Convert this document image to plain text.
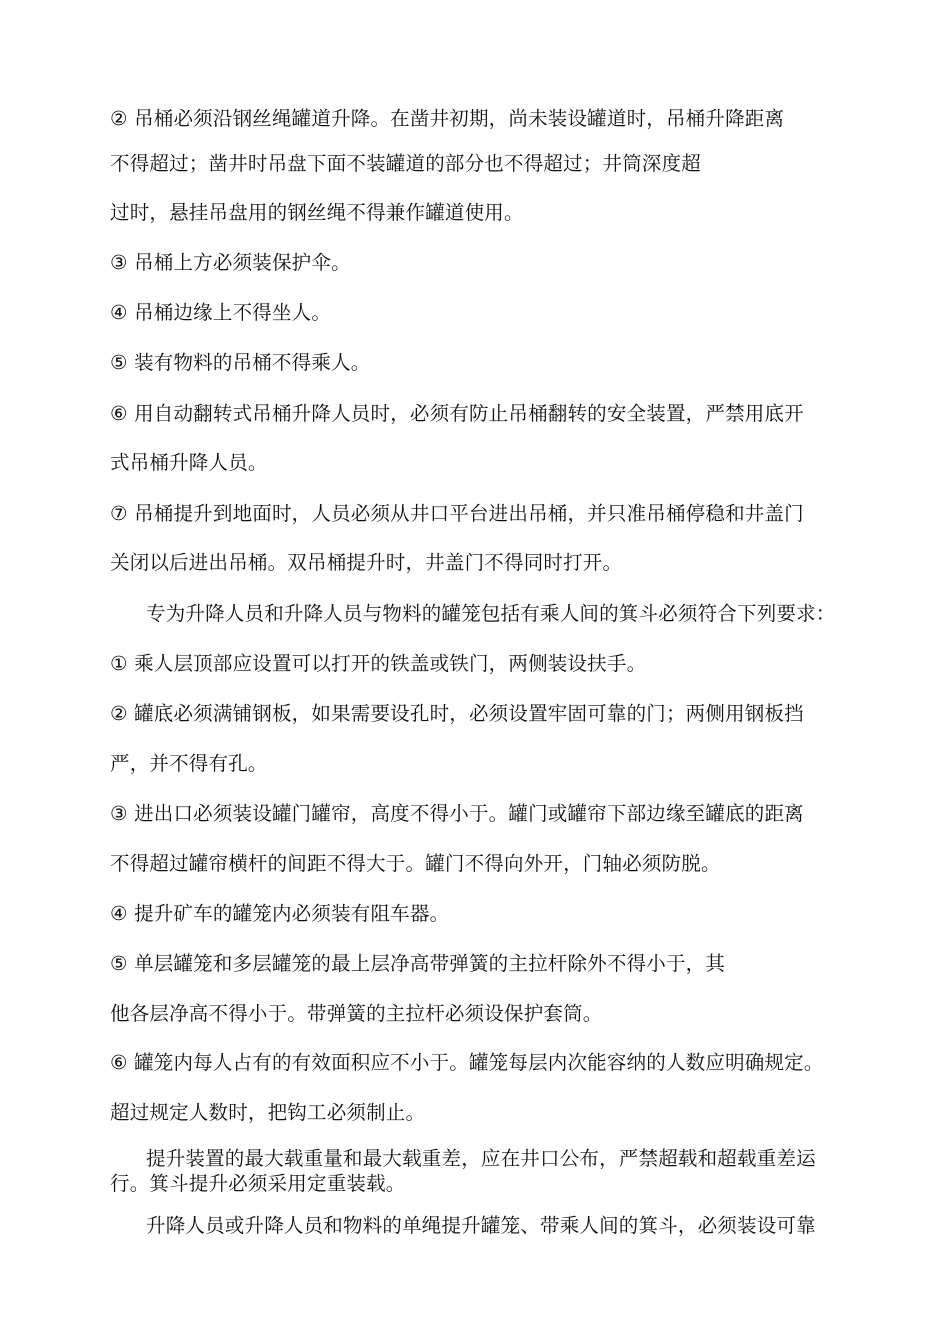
② 吊桶必须沿钢丝绳罐道升降。在凿井初期，尚未装设罐道时，吊桶升降距离
不得超过；凿井时吊盘下面不装罐道的部分也不得超过；井筒深度超
过时，悬挂吊盘用的钢丝绳不得兼作罐道使用。
③ 吊桶上方必须装保护伞。
④ 吊桶边缘上不得坐人。
⑤ 装有物料的吊桶不得乘人。
⑥ 用自动翻转式吊桶升降人员时，必须有防止吊桶翻转的安全装置，严禁用底开
式吊桶升降人员。
⑦ 吊桶提升到地面时，人员必须从井口平台进出吊桶，并只准吊桶停稳和井盖门
关闭以后进出吊桶。双吊桶提升时，井盖门不得同时打开。
专为升降人员和升降人员与物料的罐笼包括有乘人间的箕斗必须符合下列要求：
① 乘人层顶部应设置可以打开的铁盖或铁门，两侧装设扶手。
② 罐底必须满铺钢板，如果需要设孔时，必须设置牢固可靠的门；两侧用钢板挡
严，并不得有孔。
③ 进出口必须装设罐门罐帘，高度不得小于。罐门或罐帘下部边缘至罐底的距离
不得超过罐帘横杆的间距不得大于。罐门不得向外开，门轴必须防脱。
④ 提升矿车的罐笼内必须装有阻车器。
⑤ 单层罐笼和多层罐笼的最上层净高带弹簧的主拉杆除外不得小于，其
他各层净高不得小于。带弹簧的主拉杆必须设保护套筒。
⑥ 罐笼内每人占有的有效面积应不小于。罐笼每层内次能容纳的人数应明确规定。
超过规定人数时，把钩工必须制止。
提升装置的最大载重量和最大载重差，应在井口公布，严禁超载和超载重差运
行。箕斗提升必须采用定重装载。
升降人员或升降人员和物料的单绳提升罐笼、带乘人间的箕斗，必须装设可靠
